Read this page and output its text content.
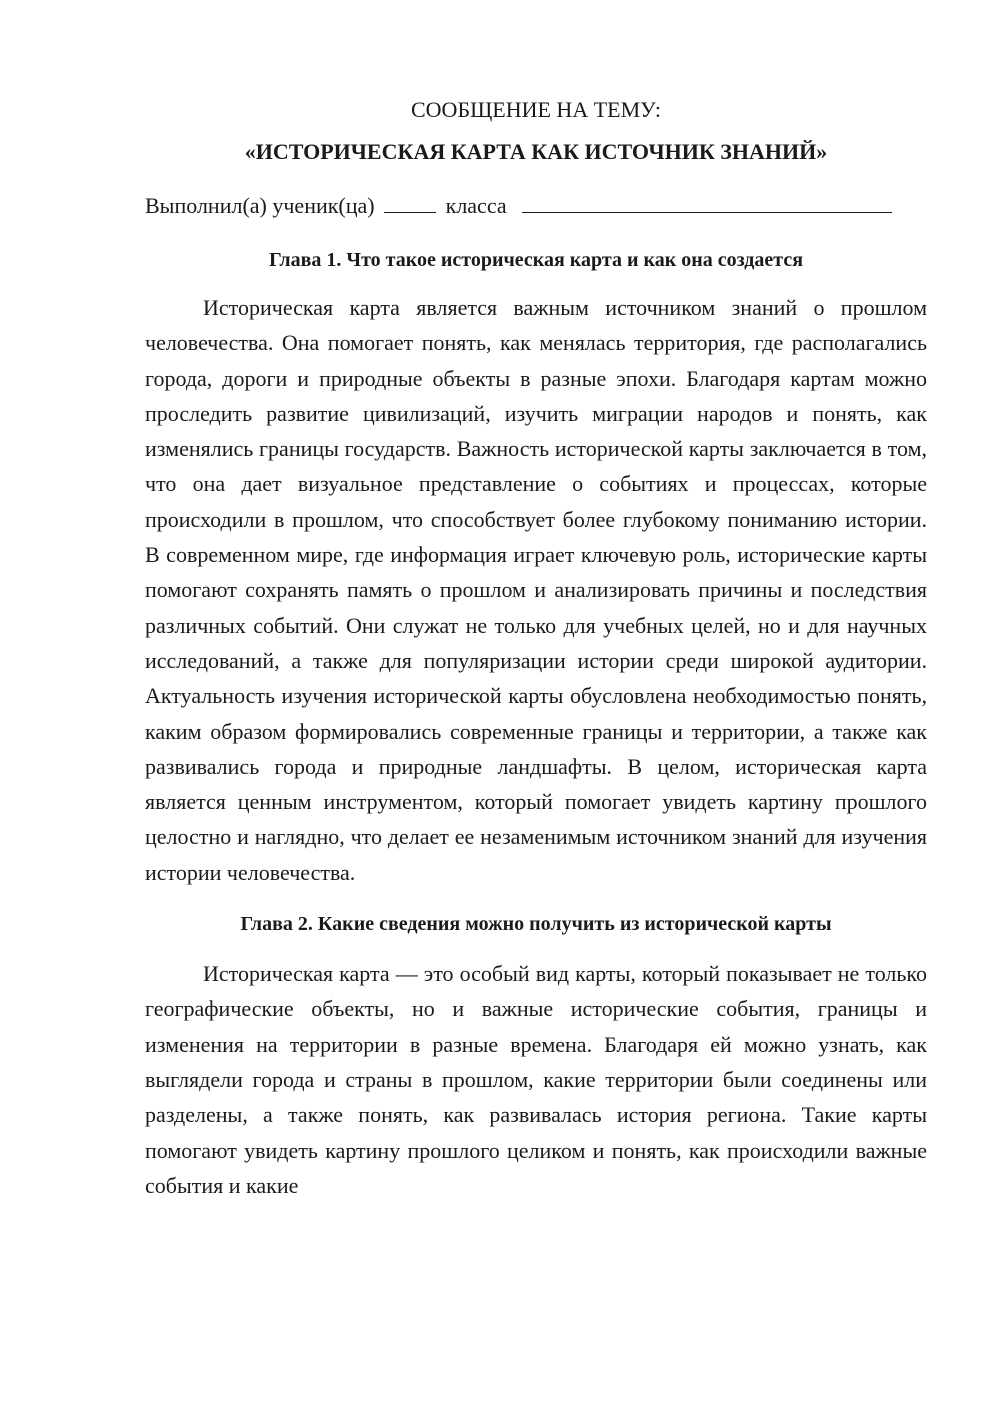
СООБЩЕНИЕ НА ТЕМУ:

«ИСТОРИЧЕСКАЯ КАРТА КАК ИСТОЧНИК ЗНАНИЙ»

Выполнил(а) ученик(ца)	класса

Глава 1. Что такое историческая карта и как она создается

Историческая карта является важным источником знаний о прошлом человечества. Она помогает понять, как менялась территория, где располагались города, дороги и природные объекты в разные эпохи. Благодаря картам можно проследить развитие цивилизаций, изучить миграции народов и понять, как изменялись границы государств. Важность исторической карты заключается в том, что она дает визуальное представление о событиях и процессах, которые происходили в прошлом, что способствует более глубокому пониманию истории. В современном мире, где информация играет ключевую роль, исторические карты помогают сохранять память о прошлом и анализировать причины и последствия различных событий. Они служат не только для учебных целей, но и для научных исследований, а также для популяризации истории среди широкой аудитории. Актуальность изучения исторической карты обусловлена необходимостью понять, каким образом формировались современные границы и территории, а также как развивались города и природные ландшафты. В целом, историческая карта является ценным инструментом, который помогает увидеть картину прошлого целостно и наглядно, что делает ее незаменимым источником знаний для изучения истории человечества.

Глава 2. Какие сведения можно получить из исторической карты

Историческая карта — это особый вид карты, который показывает не только географические объекты, но и важные исторические события, границы и изменения на территории в разные времена. Благодаря ей можно узнать, как выглядели города и страны в прошлом, какие территории были соединены или разделены, а также понять, как развивалась история региона. Такие карты помогают увидеть картину прошлого целиком и понять, как происходили важные события и какие
